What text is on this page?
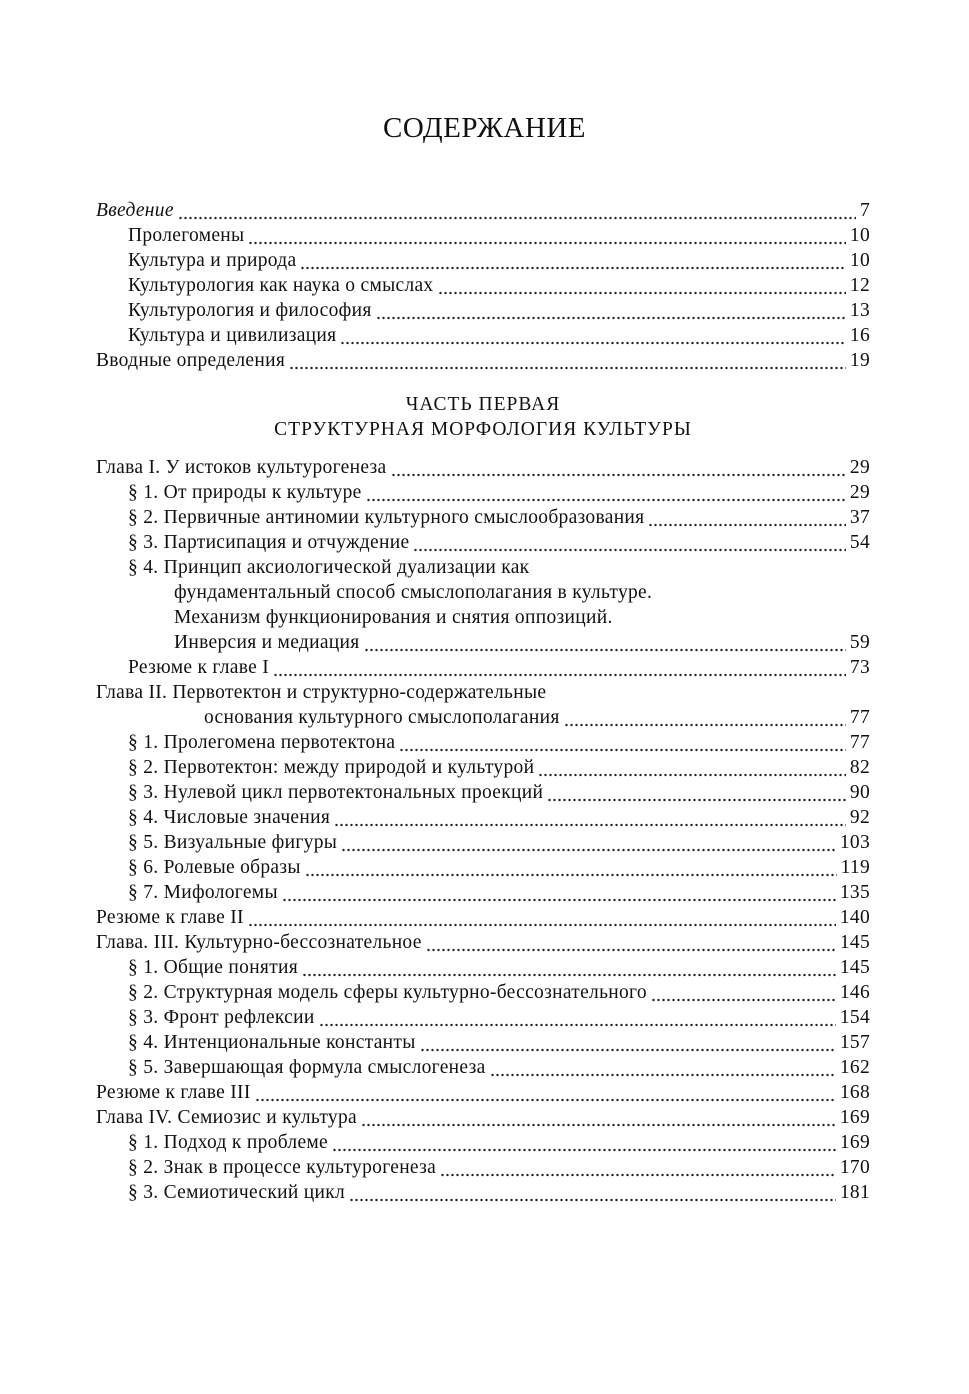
СОДЕРЖАНИЕ
Введение	7
Пролегомены	10
Культура и природа	10
Культурология как наука о смыслах	12
Культурология и философия	13
Культура и цивилизация	16
Вводные определения	19
ЧАСТЬ ПЕРВАЯ
СТРУКТУРНАЯ МОРФОЛОГИЯ КУЛЬТУРЫ
Глава I. У истоков культурогенеза	29
§ 1. От природы к культуре	29
§ 2. Первичные антиномии культурного смыслообразования	37
§ 3. Партисипация и отчуждение	54
§ 4. Принцип аксиологической дуализации как
фундаментальный способ смыслополагания в культуре.
Механизм функционирования и снятия оппозиций.
Инверсия и медиация	59
Резюме к главе I	73
Глава II. Первотектон и структурно-содержательные
основания культурного смыслополагания	77
§ 1. Пролегомена первотектона	77
§ 2. Первотектон: между природой и культурой	82
§ 3. Нулевой цикл первотектональных проекций	90
§ 4. Числовые значения	92
§ 5. Визуальные фигуры	103
§ 6. Ролевые образы	119
§ 7. Мифологемы	135
Резюме к главе II	140
Глава. III. Культурно-бессознательное	145
§ 1. Общие понятия	145
§ 2. Структурная модель сферы культурно-бессознательного	146
§ 3. Фронт рефлексии	154
§ 4. Интенциональные константы	157
§ 5. Завершающая формула смыслогенеза	162
Резюме к главе III	168
Глава IV. Семиозис и культура	169
§ 1. Подход к проблеме	169
§ 2. Знак в процессе культурогенеза	170
§ 3. Семиотический цикл	181
